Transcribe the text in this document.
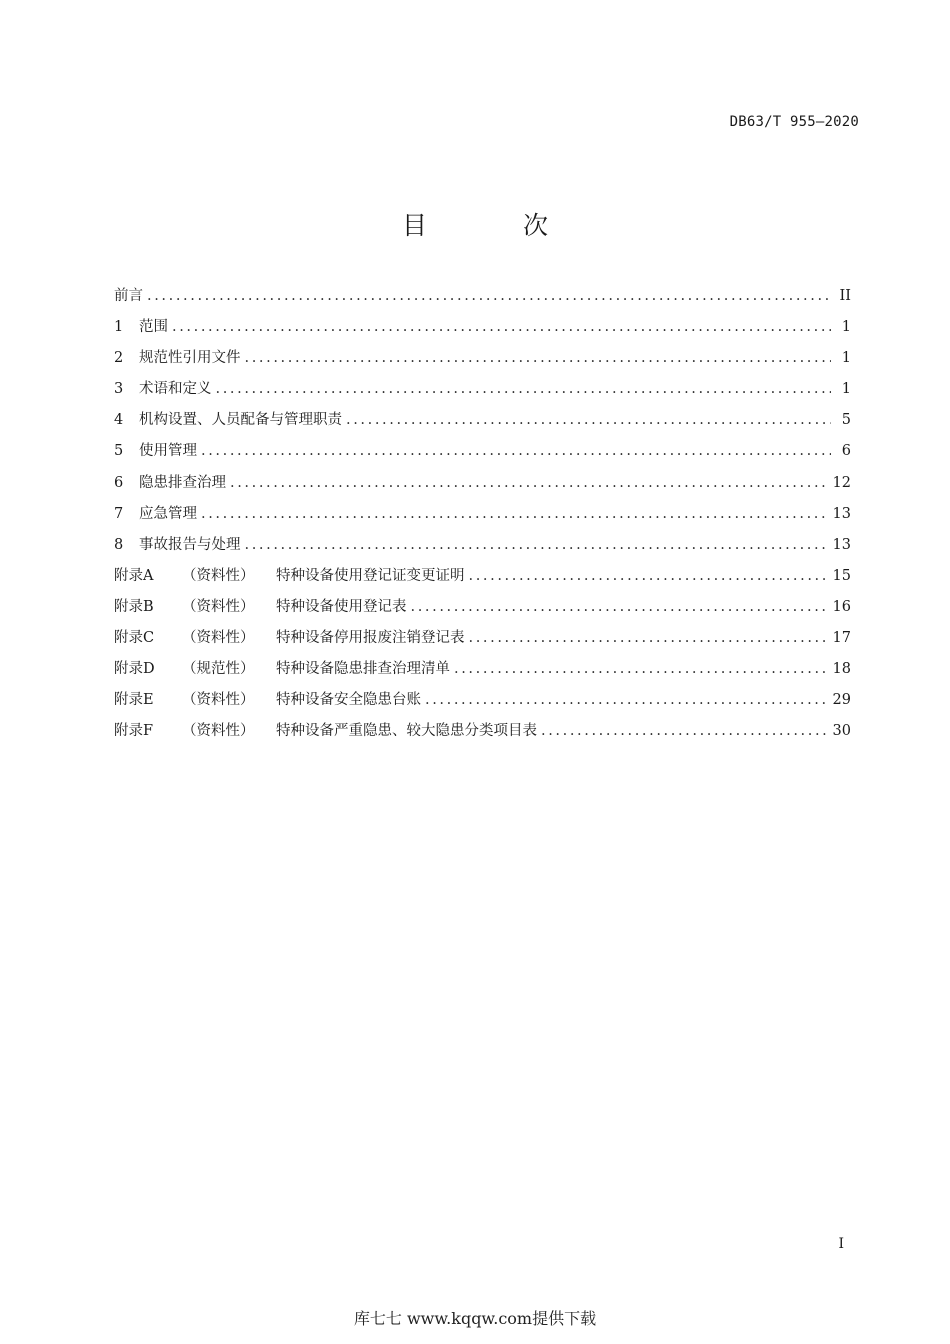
DB63/T 955—2020
目 次
前言 .....	II
1	范围 .....	1
2	规范性引用文件 .....	1
3	术语和定义 .....	1
4	机构设置、人员配备与管理职责 .....	5
5	使用管理 .....	6
6	隐患排查治理 .....	12
7	应急管理 .....	13
8	事故报告与处理 .....	13
附录A	（资料性）	特种设备使用登记证变更证明 .....	15
附录B	（资料性）	特种设备使用登记表 .....	16
附录C	（资料性）	特种设备停用报废注销登记表 .....	17
附录D	（规范性）	特种设备隐患排查治理清单 .....	18
附录E	（资料性）	特种设备安全隐患台账 .....	29
附录F	（资料性）	特种设备严重隐患、较大隐患分类项目表 .....	30
I
库七七 www.kqqw.com提供下载
